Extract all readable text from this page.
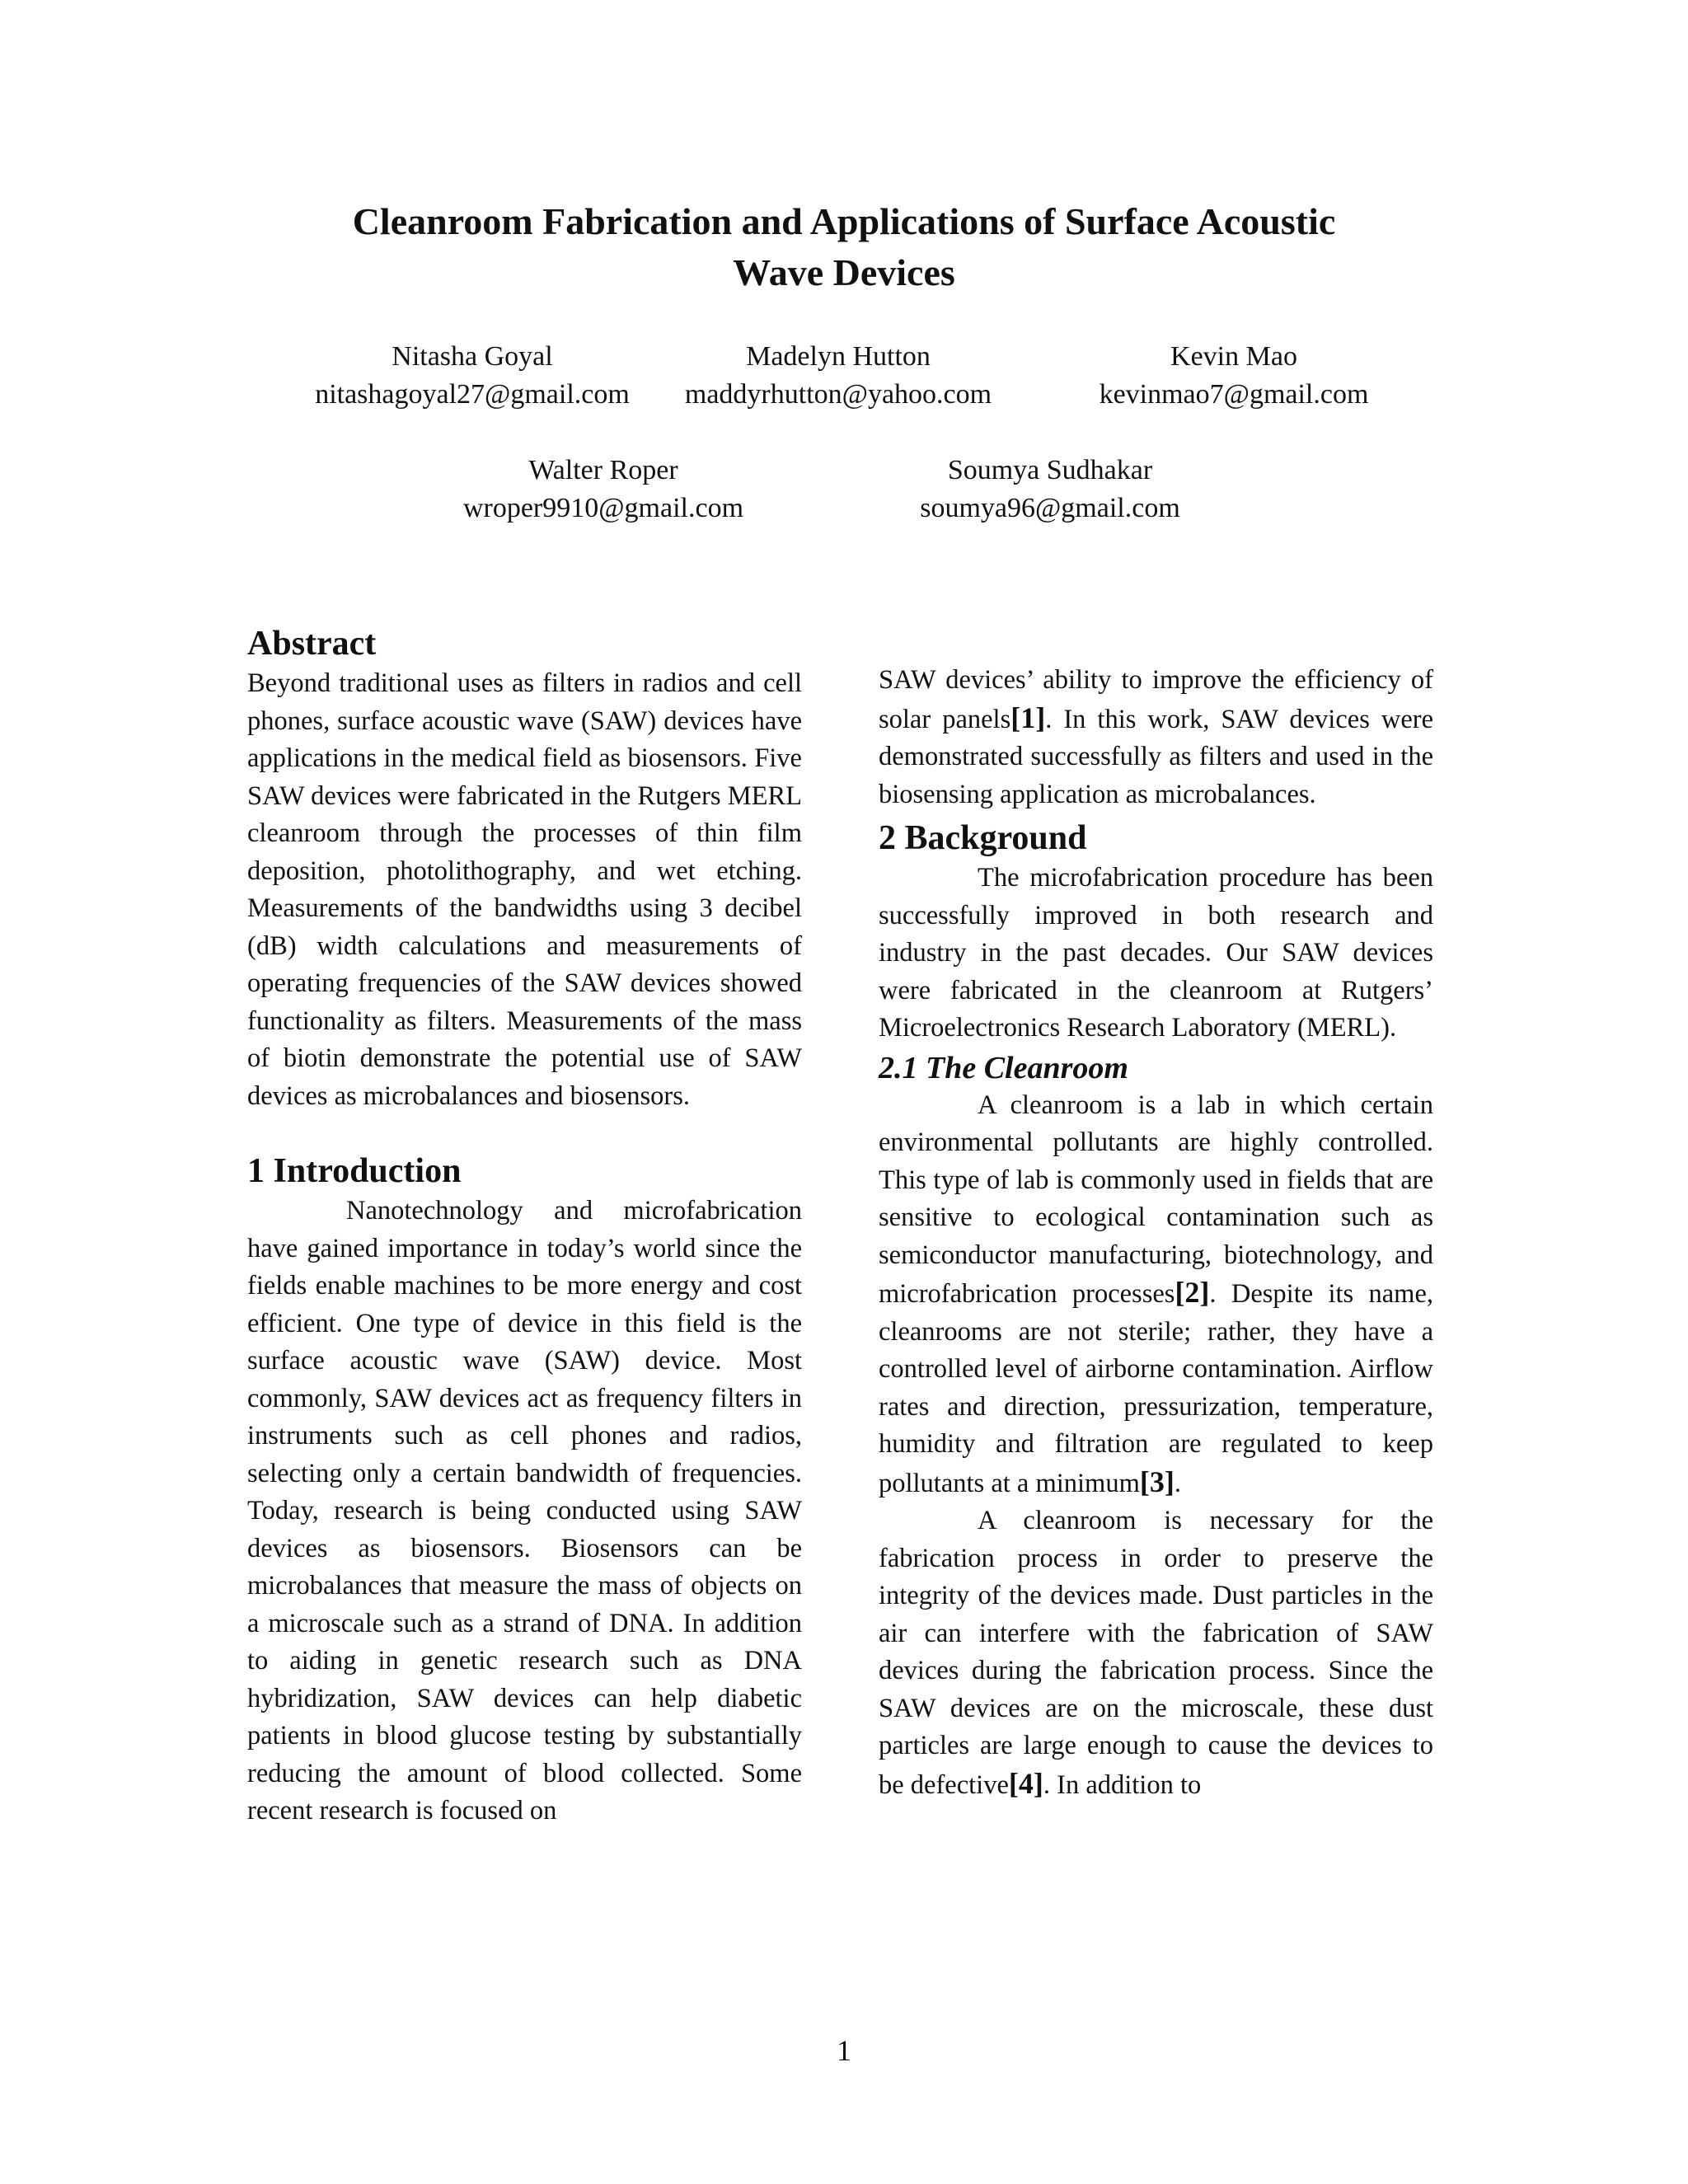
Cleanroom Fabrication and Applications of Surface Acoustic
Wave Devices
Nitasha Goyal
nitashagoyal27@gmail.com
Madelyn Hutton
maddyrhutton@yahoo.com
Kevin Mao
kevinmao7@gmail.com
Walter Roper
wroper9910@gmail.com
Soumya Sudhakar
soumya96@gmail.com
Abstract

Beyond traditional uses as filters in radios and cell phones, surface acoustic wave (SAW) devices have applications in the medical field as biosensors. Five SAW devices were fabricated in the Rutgers MERL cleanroom through the processes of thin film deposition, photolithography, and wet etching. Measurements of the bandwidths using 3 decibel (dB) width calculations and measurements of operating frequencies of the SAW devices showed functionality as filters. Measurements of the mass of biotin demonstrate the potential use of SAW devices as microbalances and biosensors.

1 Introduction

Nanotechnology and microfabrication have gained importance in today’s world since the fields enable machines to be more energy and cost efficient. One type of device in this field is the surface acoustic wave (SAW) device. Most commonly, SAW devices act as frequency filters in instruments such as cell phones and radios, selecting only a certain bandwidth of frequencies. Today, research is being conducted using SAW devices as biosensors. Biosensors can be microbalances that measure the mass of objects on a microscale such as a strand of DNA. In addition to aiding in genetic research such as DNA hybridization, SAW devices can help diabetic patients in blood glucose testing by substantially reducing the amount of blood collected. Some recent research is focused on

SAW devices’ ability to improve the efficiency of solar panels[1]. In this work, SAW devices were demonstrated successfully as filters and used in the biosensing application as microbalances.

2 Background

The microfabrication procedure has been successfully improved in both research and industry in the past decades. Our SAW devices were fabricated in the cleanroom at Rutgers’ Microelectronics Research Laboratory (MERL).

2.1 The Cleanroom

A cleanroom is a lab in which certain environmental pollutants are highly controlled. This type of lab is commonly used in fields that are sensitive to ecological contamination such as semiconductor manufacturing, biotechnology, and microfabrication processes[2]. Despite its name, cleanrooms are not sterile; rather, they have a controlled level of airborne contamination. Airflow rates and direction, pressurization, temperature, humidity and filtration are regulated to keep pollutants at a minimum[3].

A cleanroom is necessary for the fabrication process in order to preserve the integrity of the devices made. Dust particles in the air can interfere with the fabrication of SAW devices during the fabrication process. Since the SAW devices are on the microscale, these dust particles are large enough to cause the devices to be defective[4]. In addition to

1
